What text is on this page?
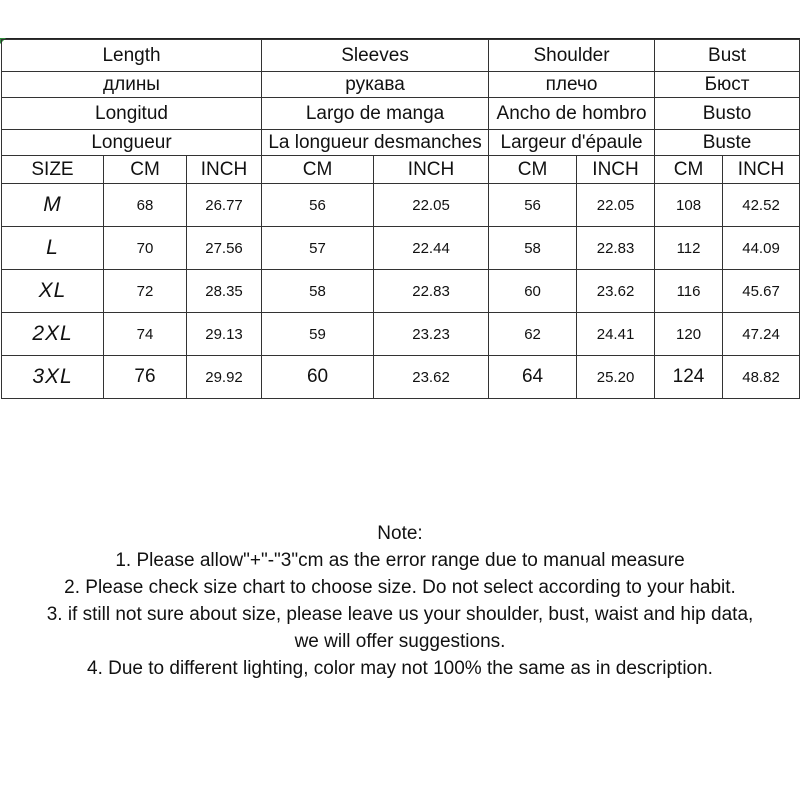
Length			Sleeves		Shoulder		Bust	
длины			рукава		плечо		Бюст	
Longitud			Largo de manga		Ancho de hombro		Busto	
Longueur			La longueur desmanches		Largeur d'épaule		Buste	
SIZE	CM	INCH	CM	INCH	CM	INCH	CM	INCH
M	68	26.77	56	22.05	56	22.05	108	42.52
L	70	27.56	57	22.44	58	22.83	112	44.09
XL	72	28.35	58	22.83	60	23.62	116	45.67
2XL	74	29.13	59	23.23	62	24.41	120	47.24
3XL	76	29.92	60	23.62	64	25.20	124	48.82
Note:
1. Please allow"+"-"3"cm as the error range due to manual measure
2. Please check size chart to choose size. Do not select according to your habit.
3. if still not sure about size, please leave us your shoulder, bust, waist and hip data,
we will offer suggestions.
4. Due to different lighting, color may not 100% the same as in description.
